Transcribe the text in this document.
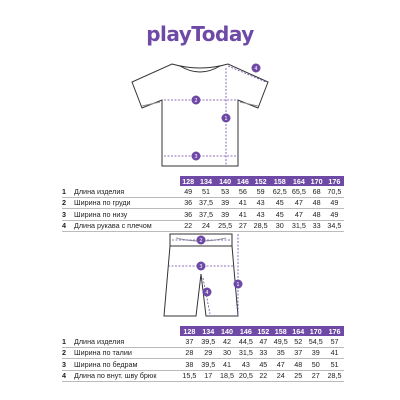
playToday
2
1
3
4
		128	134	140	146	152	158	164	170	176
1	Длина изделия	49	51	53	56	59	62,5	65,5	68	70,5
2	Ширина по груди	36	37,5	39	41	43	45	47	48	49
3	Ширина по низу	36	37,5	39	41	43	45	47	48	49
4	Длина рукава с плечом	22	24	25,5	27	28,5	30	31,5	33	34,5
2
3
4
1
		128	134	140	146	152	158	164	170	176
1	Длина изделия	37	39,5	42	44,5	47	49,5	52	54,5	57
2	Ширина по талии	28	29	30	31,5	33	35	37	39	41
3	Ширина по бедрам	38	39,5	41	43	45	47	48	50	51
4	Длина по внут. шву брюк	15,5	17	18,5	20,5	22	24	25	27	28,5
